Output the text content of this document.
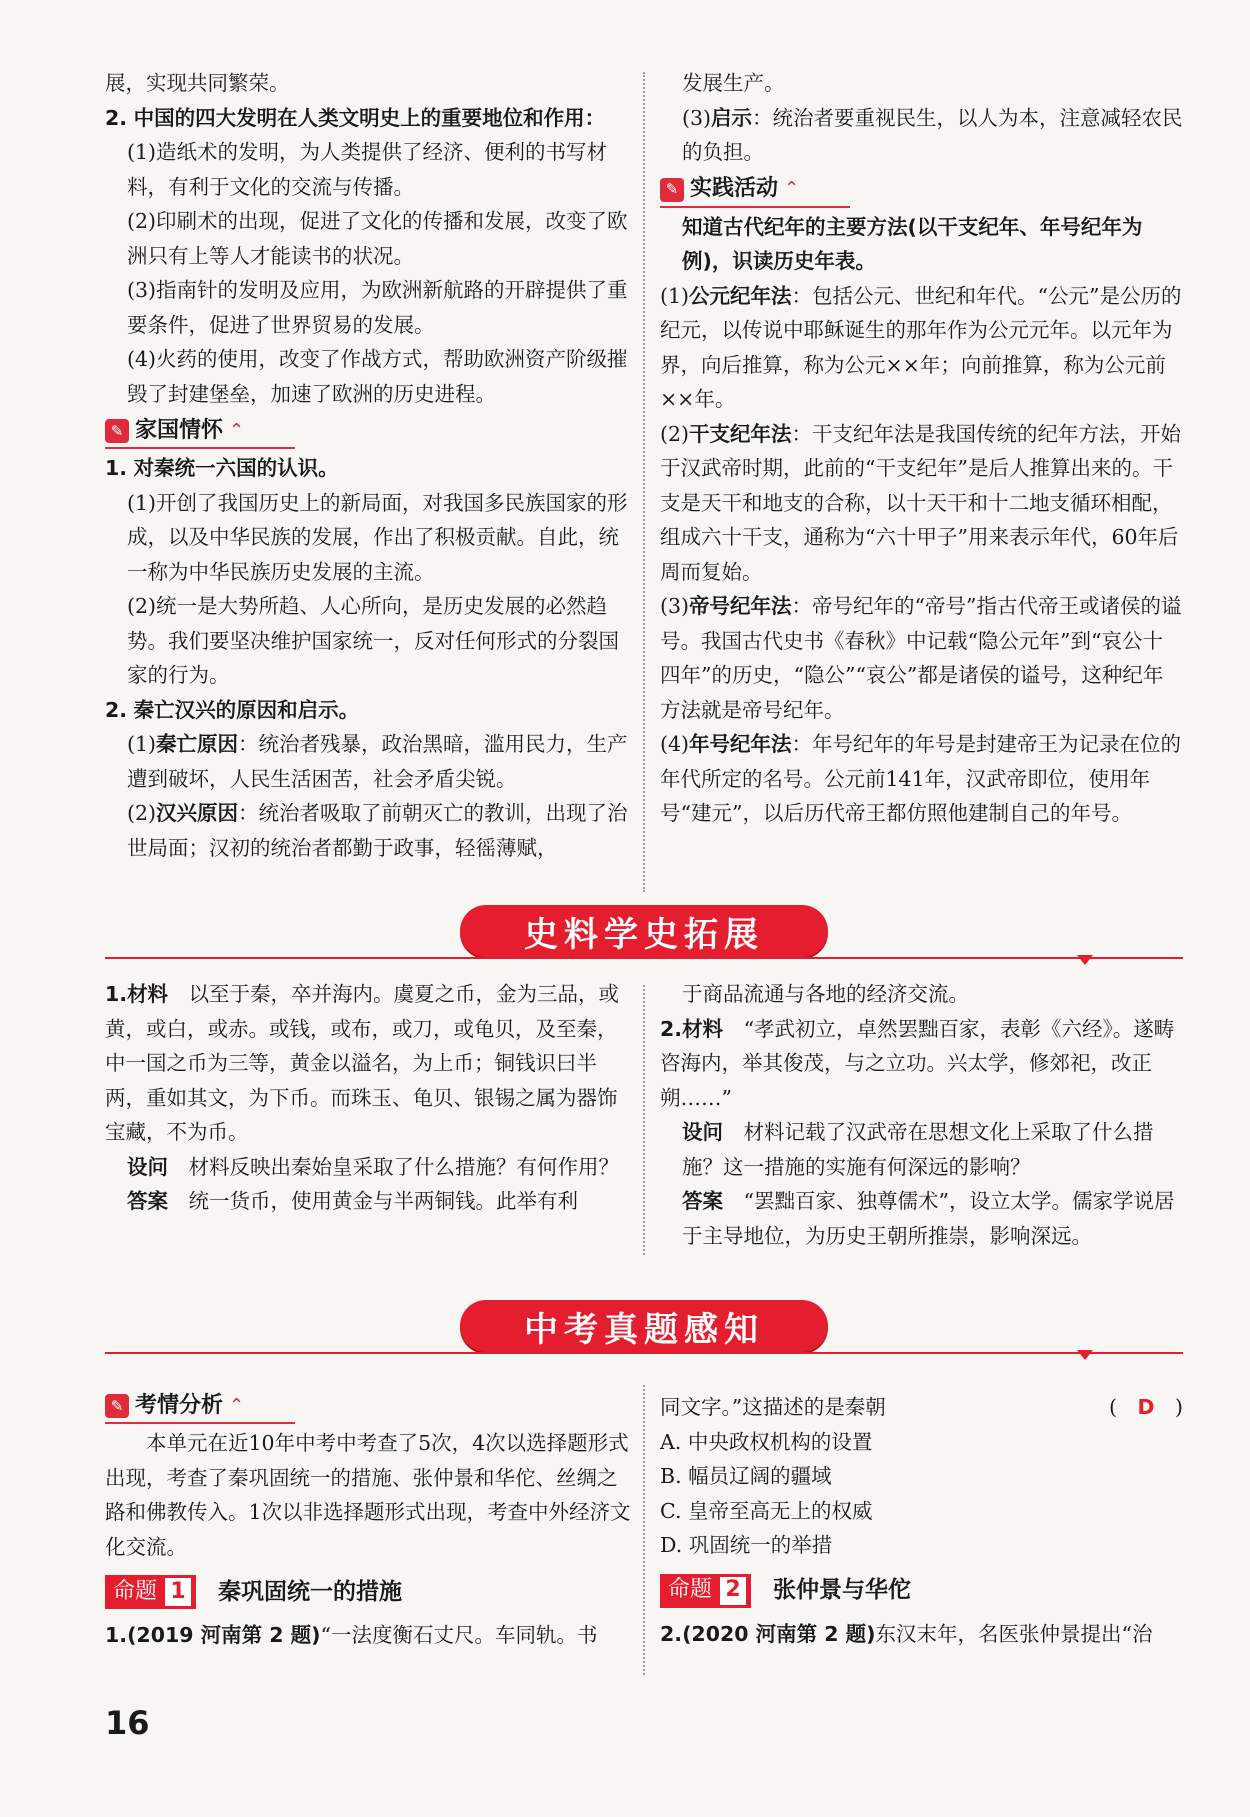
展，实现共同繁荣。

2. 中国的四大发明在人类文明史上的重要地位和作用：

(1)造纸术的发明，为人类提供了经济、便利的书写材料，有利于文化的交流与传播。

(2)印刷术的出现，促进了文化的传播和发展，改变了欧洲只有上等人才能读书的状况。

(3)指南针的发明及应用，为欧洲新航路的开辟提供了重要条件，促进了世界贸易的发展。

(4)火药的使用，改变了作战方式，帮助欧洲资产阶级摧毁了封建堡垒，加速了欧洲的历史进程。

✎ 家国情怀 ⌃

1. 对秦统一六国的认识。

(1)开创了我国历史上的新局面，对我国多民族国家的形成，以及中华民族的发展，作出了积极贡献。自此，统一称为中华民族历史发展的主流。

(2)统一是大势所趋、人心所向，是历史发展的必然趋势。我们要坚决维护国家统一，反对任何形式的分裂国家的行为。

2. 秦亡汉兴的原因和启示。

(1)秦亡原因：统治者残暴，政治黑暗，滥用民力，生产遭到破坏，人民生活困苦，社会矛盾尖锐。

(2)汉兴原因：统治者吸取了前朝灭亡的教训，出现了治世局面；汉初的统治者都勤于政事，轻徭薄赋，

发展生产。

(3)启示：统治者要重视民生，以人为本，注意减轻农民的负担。

✎ 实践活动 ⌃

知道古代纪年的主要方法(以干支纪年、年号纪年为例)，识读历史年表。

(1)公元纪年法：包括公元、世纪和年代。“公元”是公历的纪元，以传说中耶稣诞生的那年作为公元元年。以元年为界，向后推算，称为公元××年；向前推算，称为公元前××年。

(2)干支纪年法：干支纪年法是我国传统的纪年方法，开始于汉武帝时期，此前的“干支纪年”是后人推算出来的。干支是天干和地支的合称，以十天干和十二地支循环相配，组成六十干支，通称为“六十甲子”用来表示年代，60年后周而复始。

(3)帝号纪年法：帝号纪年的“帝号”指古代帝王或诸侯的谥号。我国古代史书《春秋》中记载“隐公元年”到“哀公十四年”的历史，“隐公”“哀公”都是诸侯的谥号，这种纪年方法就是帝号纪年。

(4)年号纪年法：年号纪年的年号是封建帝王为记录在位的年代所定的名号。公元前141年，汉武帝即位，使用年号“建元”，以后历代帝王都仿照他建制自己的年号。

史料学史拓展

1.材料　 以至于秦，卒并海内。虞夏之币，金为三品，或黄，或白，或赤。或钱，或布，或刀，或龟贝，及至秦，中一国之币为三等，黄金以溢名，为上币；铜钱识曰半两，重如其文，为下币。而珠玉、龟贝、银锡之属为器饰宝藏，不为币。

设问　 材料反映出秦始皇采取了什么措施？有何作用？

答案　 统一货币，使用黄金与半两铜钱。此举有利

于商品流通与各地的经济交流。

2.材料　 “孝武初立，卓然罢黜百家，表彰《六经》。遂畴咨海内，举其俊茂，与之立功。兴太学，修郊祀，改正朔……”

设问　 材料记载了汉武帝在思想文化上采取了什么措施？这一措施的实施有何深远的影响？

答案　 “罢黜百家、独尊儒术”，设立太学。儒家学说居于主导地位，为历史王朝所推崇，影响深远。

中考真题感知
✎ 考情分析 ⌃

本单元在近10年中考中考查了5次，4次以选择题形式出现，考查了秦巩固统一的措施、张仲景和华佗、丝绸之路和佛教传入。1次以非选择题形式出现，考查中外经济文化交流。

命题 1	秦巩固统一的措施

1.(2019 河南第 2 题)“一法度衡石丈尺。车同轨。书

同文字。”这描述的是秦朝	(　 D　 )

A. 中央政权机构的设置

B. 幅员辽阔的疆域

C. 皇帝至高无上的权威

D. 巩固统一的举措

命题 2	张仲景与华佗

2.(2020 河南第 2 题)东汉末年，名医张仲景提出“治

16
